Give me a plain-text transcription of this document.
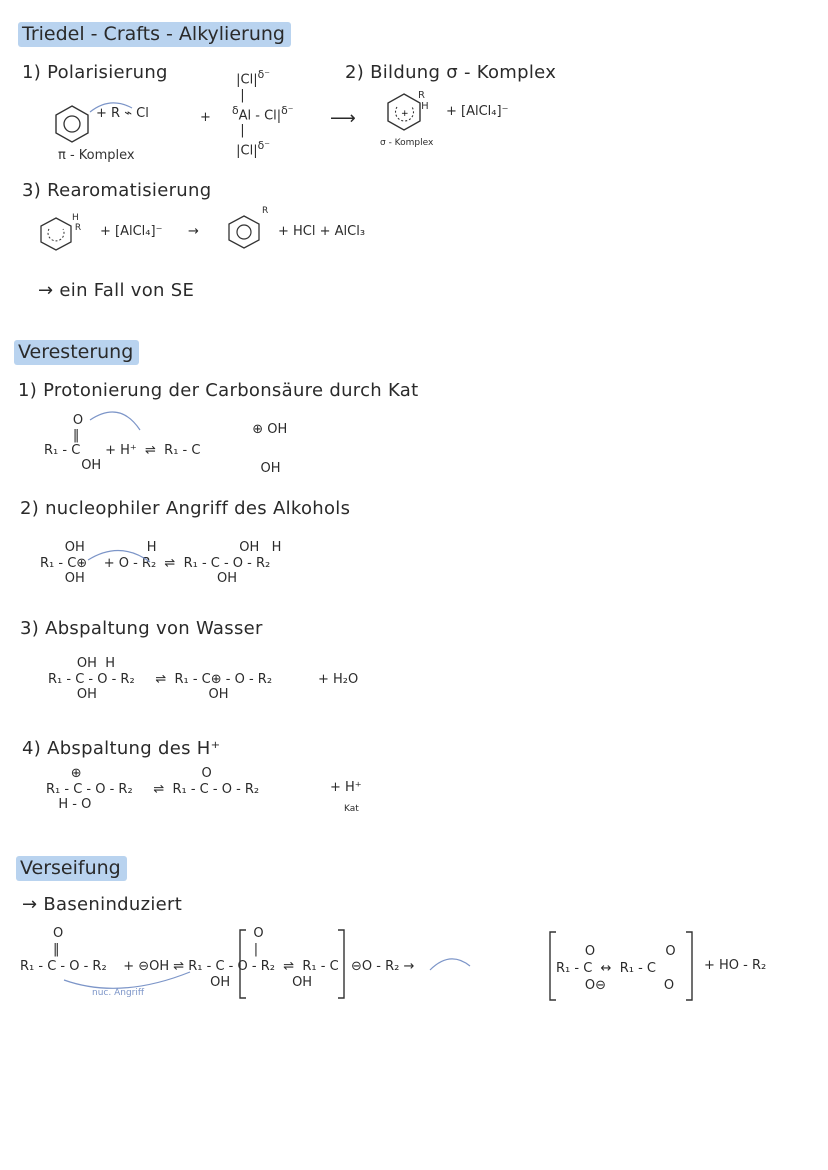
Triedel - Crafts - Alkylierung
1) Polarisierung	2) Bildung σ - Komplex
+ R ⌁ Cl	+
$|Cl|^{\delta^-}$
|
$^\delta Al - Cl|^{\delta^-}$
|
$|Cl|^{\delta^-}$
⟶
π - Komplex
+
R
H + [AlCl₄]⁻
σ - Komplex
3) Rearomatisierung
H
R + [AlCl₄]⁻ →
R
+ HCl + AlCl₃
→ ein Fall von SE
Veresterung
1) Protonierung der Carbonsäure durch Kat
O
‖
R₁ - C      + H⁺  ⇌  R₁ - C
OH
⊕ OH

OH
2) nucleophiler Angriff des Alkohols
OH               H                    OH   H
R₁ - C⊕    + O - R₂  ⇌  R₁ - C - O - R₂
OH                                OH
3) Abspaltung von Wasser
OH  H
R₁ - C - O - R₂     ⇌  R₁ - C⊕ - O - R₂
OH                           OH
+ H₂O
4) Abspaltung des H⁺
⊕                             O
R₁ - C - O - R₂     ⇌  R₁ - C - O - R₂
H - O
+ H⁺
Kat
Verseifung
→ Baseninduziert
O                                              O
‖                                               |
R₁ - C - O - R₂    + ⊖OH ⇌ R₁ - C - O - R₂  ⇌  R₁ - C   ⊖O - R₂ →
OH               OH
O                 O
R₁ - C  ↔  R₁ - C
O⊖              O
+ HO - R₂
nuc. Angriff
